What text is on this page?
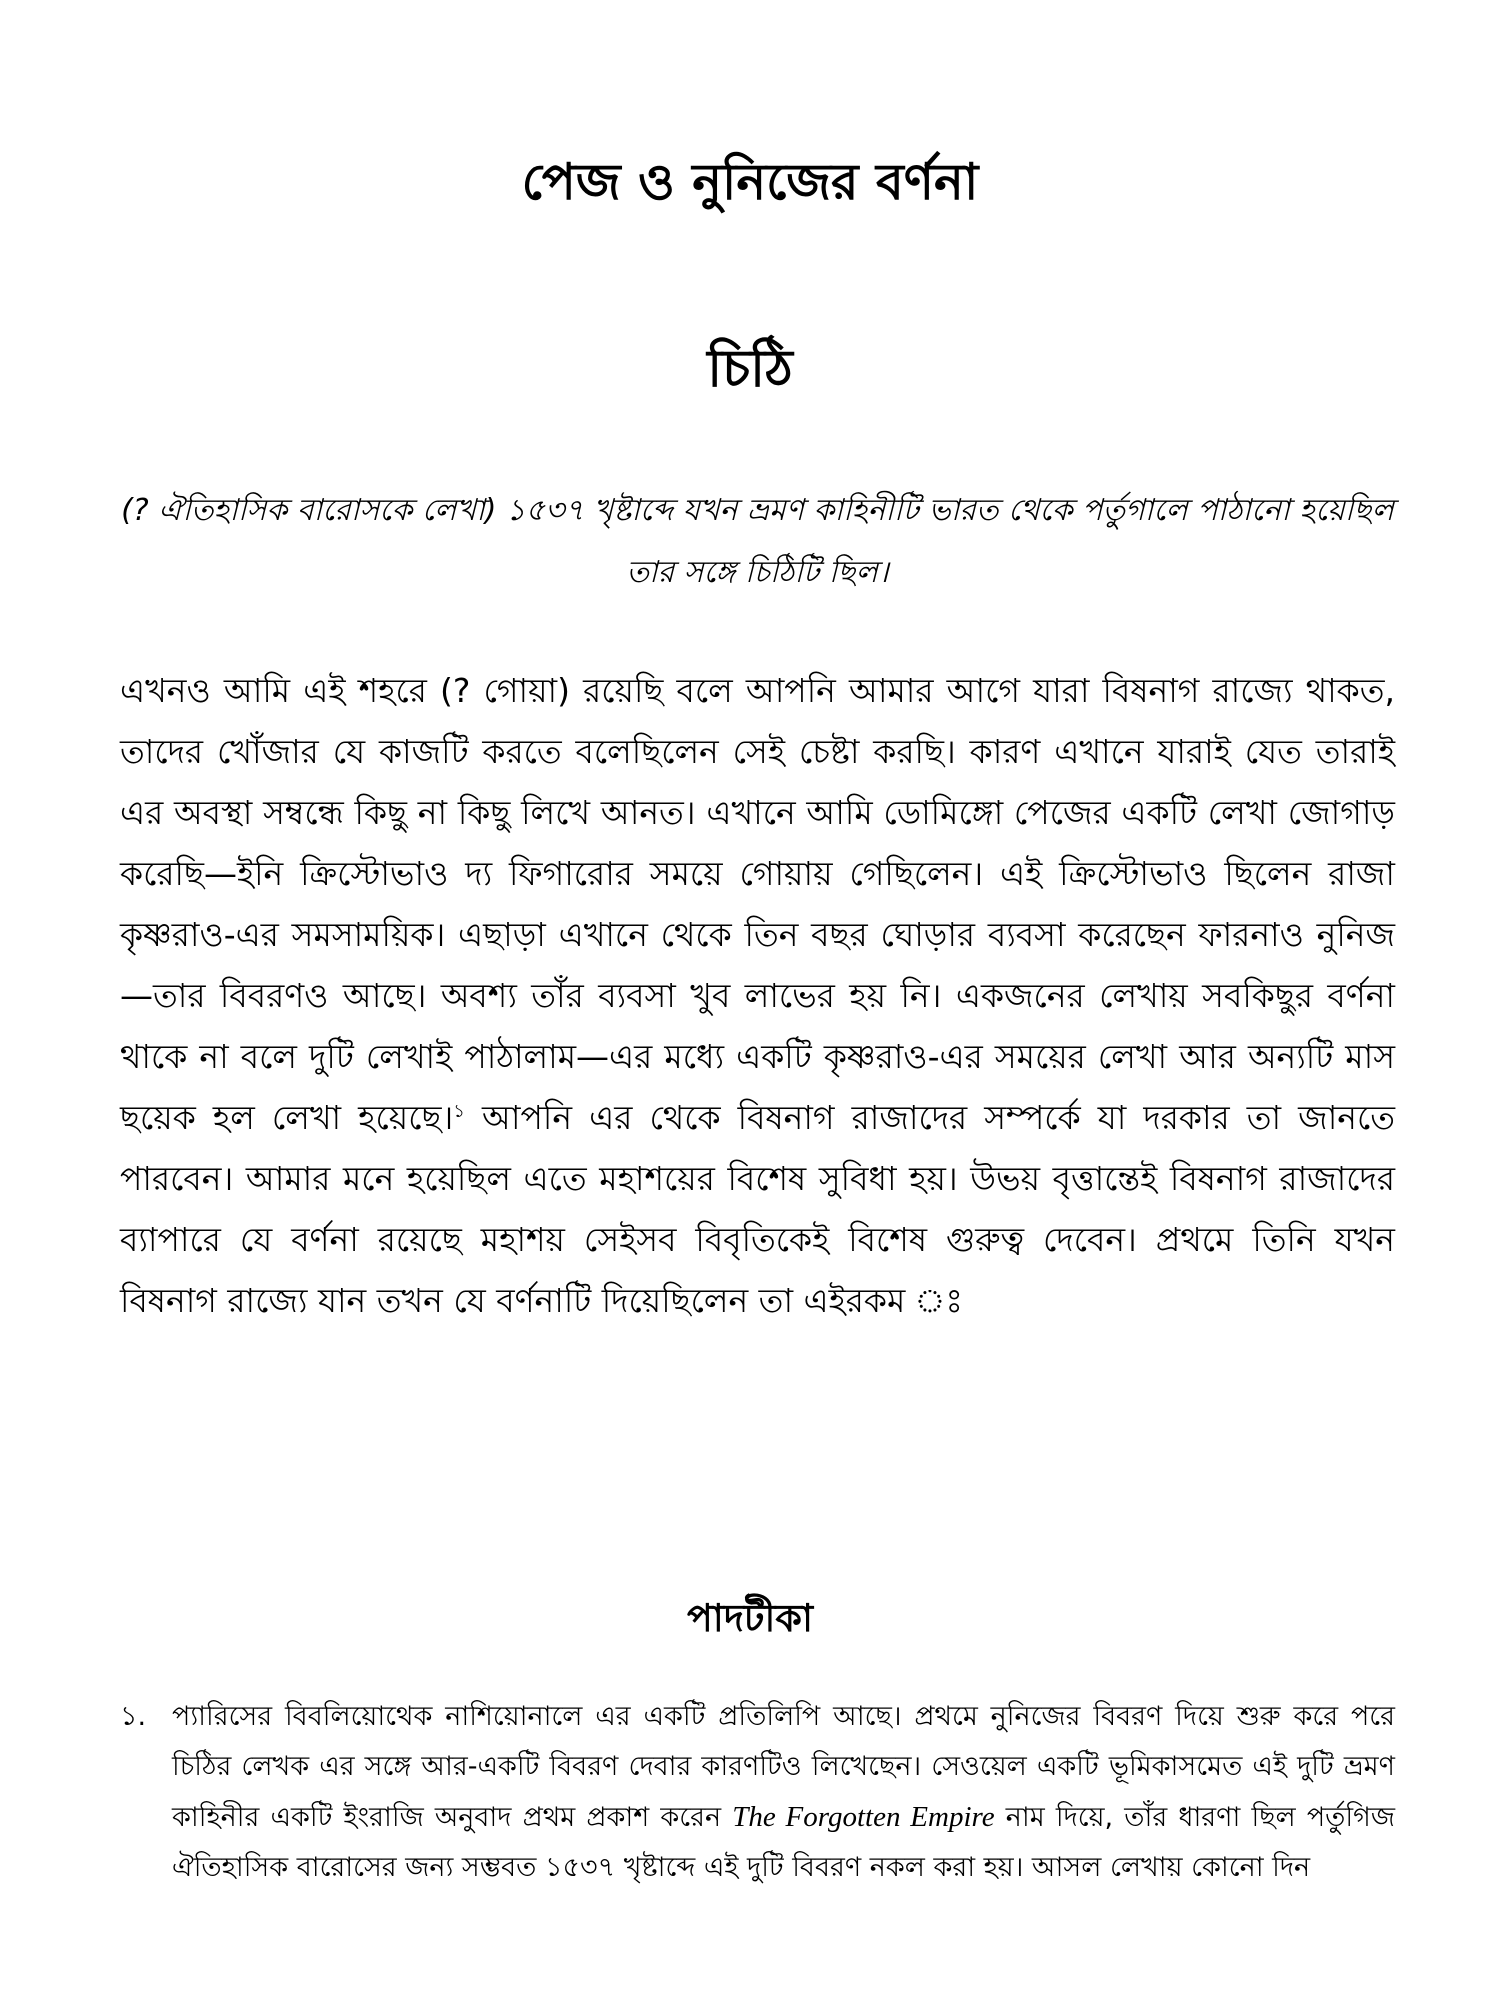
পেজ ও নুনিজের বর্ণনা
চিঠি

(? ঐতিহাসিক বারোসকে লেখা) ১৫৩৭ খৃষ্টাব্দে যখন ভ্রমণ কাহিনীটি ভারত থেকে পর্তুগালে পাঠানো হয়েছিল তার সঙ্গে চিঠিটি ছিল।

এখনও আমি এই শহরে (? গোয়া) রয়েছি বলে আপনি আমার আগে যারা বিষনাগ রাজ্যে থাকত, তাদের খোঁজার যে কাজটি করতে বলেছিলেন সেই চেষ্টা করছি। কারণ এখানে যারাই যেত তারাই এর অবস্থা সম্বন্ধে কিছু না কিছু লিখে আনত। এখানে আমি ডোমিঙ্গো পেজের একটি লেখা জোগাড় করেছি—ইনি ক্রিস্টোভাও দ্য ফিগারোর সময়ে গোয়ায় গেছিলেন। এই ক্রিস্টোভাও ছিলেন রাজা কৃষ্ণরাও-এর সমসাময়িক। এছাড়া এখানে থেকে তিন বছর ঘোড়ার ব্যবসা করেছেন ফারনাও নুনিজ—তার বিবরণও আছে। অবশ্য তাঁর ব্যবসা খুব লাভের হয় নি। একজনের লেখায় সবকিছুর বর্ণনা থাকে না বলে দুটি লেখাই পাঠালাম—এর মধ্যে একটি কৃষ্ণরাও-এর সময়ের লেখা আর অন্যটি মাস ছয়েক হল লেখা হয়েছে।$^১$ আপনি এর থেকে বিষনাগ রাজাদের সম্পর্কে যা দরকার তা জানতে পারবেন। আমার মনে হয়েছিল এতে মহাশয়ের বিশেষ সুবিধা হয়। উভয় বৃত্তান্তেই বিষনাগ রাজাদের ব্যাপারে যে বর্ণনা রয়েছে মহাশয় সেইসব বিবৃতিকেই বিশেষ গুরুত্ব দেবেন। প্রথমে তিনি যখন বিষনাগ রাজ্যে যান তখন যে বর্ণনাটি দিয়েছিলেন তা এইরকম ঃ

পাদটীকা
১. প্যারিসের বিবলিয়োথেক নাশিয়োনালে এর একটি প্রতিলিপি আছে। প্রথমে নুনিজের বিবরণ দিয়ে শুরু করে পরে চিঠির লেখক এর সঙ্গে আর-একটি বিবরণ দেবার কারণটিও লিখেছেন। সেওয়েল একটি ভূমিকাসমেত এই দুটি ভ্রমণ কাহিনীর একটি ইংরাজি অনুবাদ প্রথম প্রকাশ করেন The Forgotten Empire নাম দিয়ে, তাঁর ধারণা ছিল পর্তুগিজ ঐতিহাসিক বারোসের জন্য সম্ভবত ১৫৩৭ খৃষ্টাব্দে এই দুটি বিবরণ নকল করা হয়। আসল লেখায় কোনো দিন
